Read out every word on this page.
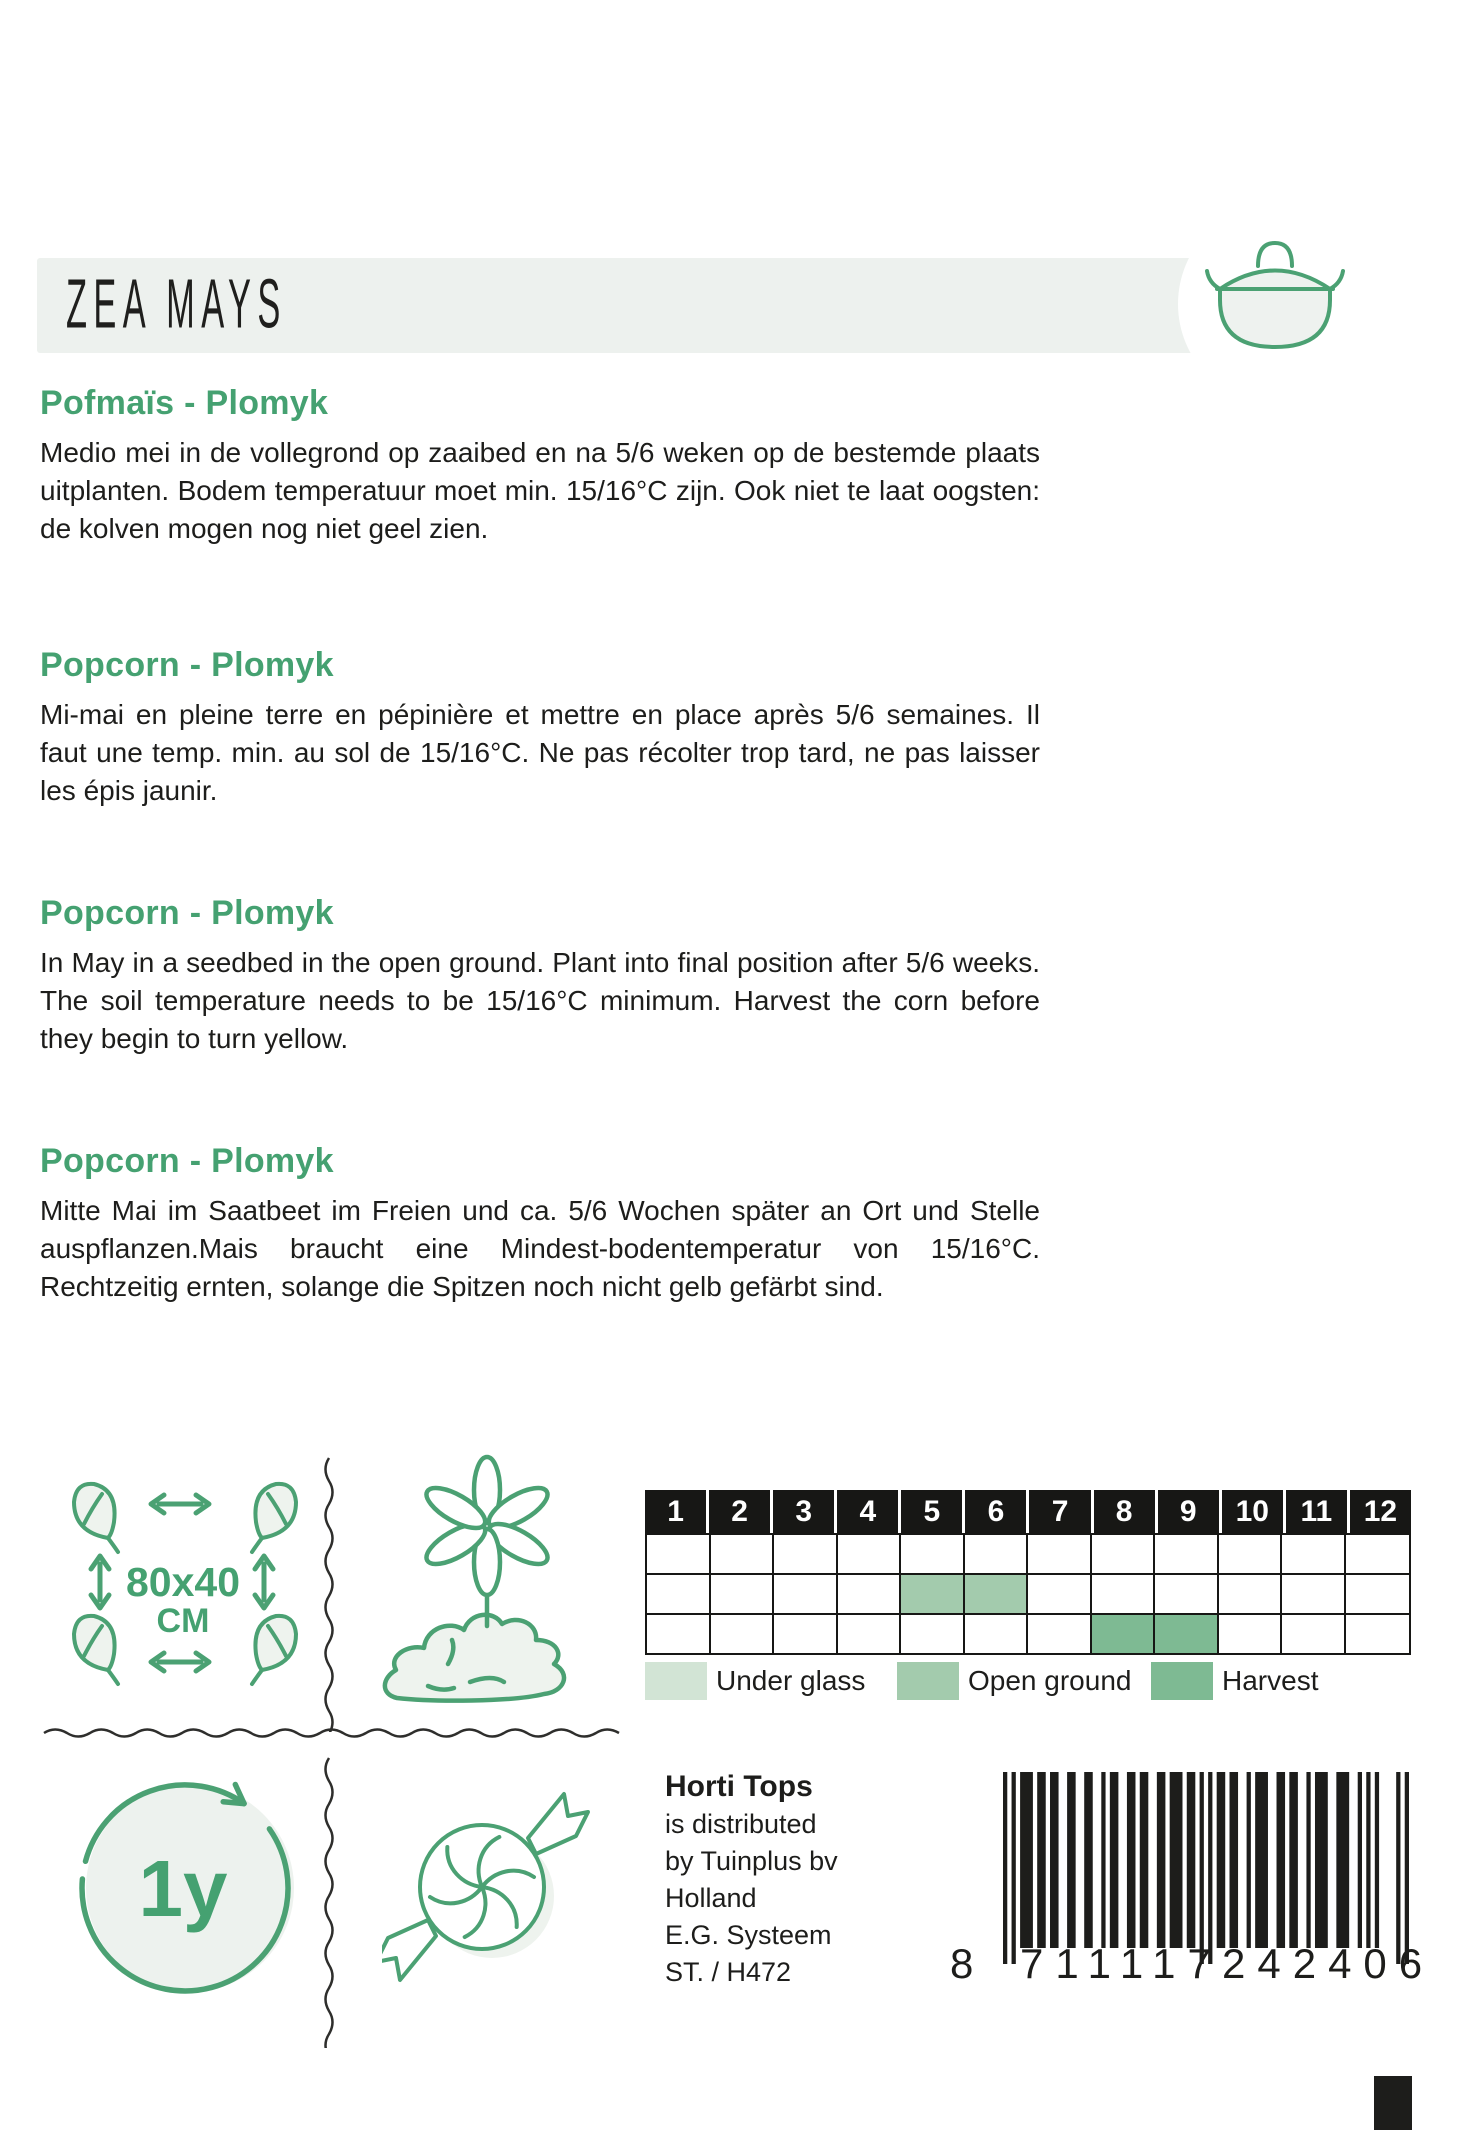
ZEA MAYS
Pofmaïs - Plomyk

Medio mei in de vollegrond op zaaibed en na 5/6 weken op de bestemde plaats uitplanten. Bodem temperatuur moet min. 15/16°C zijn. Ook niet te laat oogsten: de kolven mogen nog niet geel zien.

Popcorn - Plomyk

Mi-mai en pleine terre en pépinière et mettre en place après 5/6 semaines. Il faut une temp. min. au sol de 15/16°C. Ne pas récolter trop tard, ne pas laisser les épis jaunir.

Popcorn - Plomyk

In May in a seedbed in the open ground. Plant into final position after 5/6 weeks. The soil temperature needs to be 15/16°C minimum. Harvest the corn before they begin to turn yellow.

Popcorn - Plomyk

Mitte Mai im Saatbeet im Freien und ca. 5/6 Wochen später an Ort und Stelle auspflanzen.Mais braucht eine Mindest-bodentemperatur von 15/16°C. Rechtzeitig ernten, solange die Spitzen noch nicht gelb gefärbt sind.

80x40
CM
1	2	3	4	5	6	7	8	9	10	11	12
Under glass	Open ground	Harvest
1y
Horti Tops
is distributed
by Tuinplus bv
Holland
E.G. Systeem
ST. / H472	8 711117 242406
